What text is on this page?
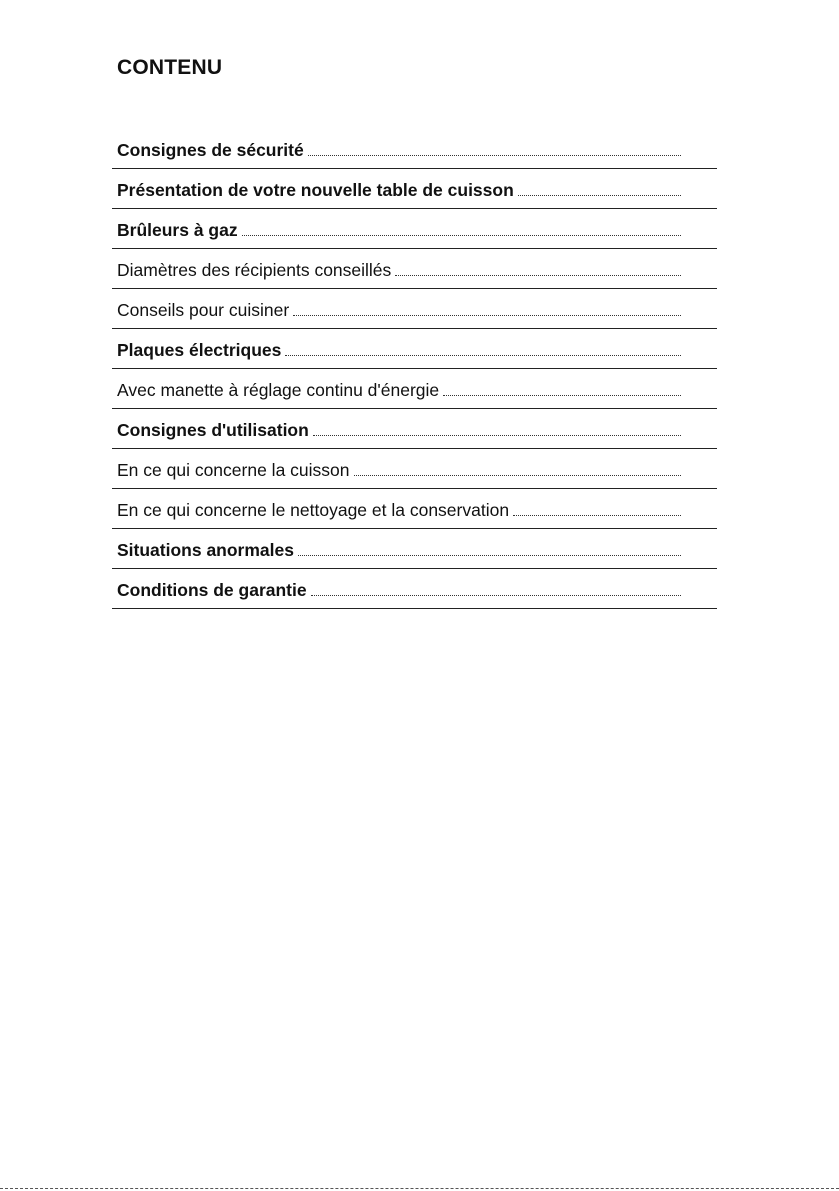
CONTENU
Consignes de sécurité
Présentation de votre nouvelle table de cuisson
Brûleurs à gaz
Diamètres des récipients conseillés
Conseils pour cuisiner
Plaques électriques
Avec manette à réglage continu d'énergie
Consignes d'utilisation
En ce qui concerne la cuisson
En ce qui concerne le nettoyage et la conservation
Situations anormales
Conditions de garantie
